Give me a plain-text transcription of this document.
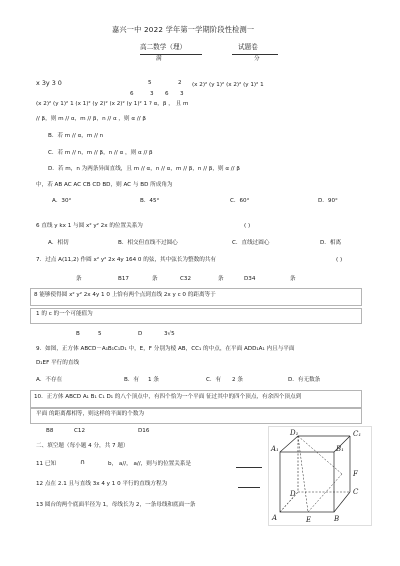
嘉兴一中 2022 学年第一学期阶段性检测一
高二数学（理）	试题卷
满	分
x 3y 3 0	5	2
6	3 6 3
(x 2)² (y 1)² (x 2)² (y 1)² 1
(x 2)² (y 1)² 1 (x 1)² (y 2)² (x 2)² (y 1)² 1 ? α，β ， 且 m
// β，则 m // α，m // β，n // α ，则 α // β
B．若 m // α，m // n
C．若 m // n，m // β，n // α ，则 α // β
D．若 m，n 为两条异面直线，且 m // α，n // α，m // β，n // β，则 α // β
中，若 AB AC AC CB CD BD，则 AC 与 BD 所成角为
A．30°	B．45°	C．60°	D．90°
6 直线 y kx 1 与圆 x² y² 2x 的位置关系为	( )
A．相切	B．相交但直线不过圆心	C．直线过圆心	D．相离
7．过点 A(11,2) 作圆 x² y² 2x 4y 164 0 的弦，其中弦长为整数的共有	( )
条	B17	条	C32	条	D34	条
8 能够使得圆 x² y² 2x 4y 1 0 上恰有两个点到直线 2x y c 0 的距离等于
1 的 c 的一个可能值为
B	5	D	3√5
9．如图，正方体 ABCD－A₁B₁C₁D₁ 中，E，F 分别为棱 AB，CC₁ 的中点，在平面 ADD₁A₁ 内且与平面
D₁EF 平行的直线
A．不存在	B．有 1 条	C．有 2 条	D．有无数条
10．正方体 ABCD A₁ B₁ C₁ D₁ 的八个顶点中，有四个恰为一个平面 征过其中的四个顶点，有余四个顶点到
平面 的距离都相等，则这样的平面的个数为
B8	C12	D16
二、填空题（每小题 4 分，共 7 题）
11 已知	∩	b， a//， a//，则与的位置关系是
12 点在 2.1 且与直线 3x 4 y 1 0 平行的直线方程为
13 圆台的两个底面半径为 1，母线长为 2，一条母线和底面一条
D₁	C₁
A₁	B₁
F
D	C
A	E	B
